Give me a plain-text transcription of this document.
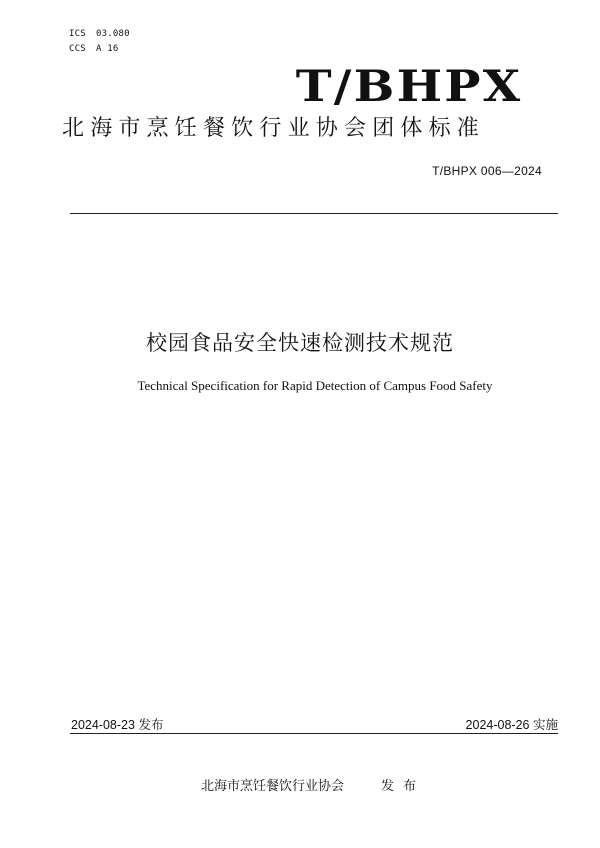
ICS 03.080
CCS A 16
T/BHPX
北海市烹饪餐饮行业协会团体标准
T/BHPX 006—2024
校园食品安全快速检测技术规范
Technical Specification for Rapid Detection of Campus Food Safety
2024-08-23 发布	2024-08-26 实施
北海市烹饪餐饮行业协会	发布
